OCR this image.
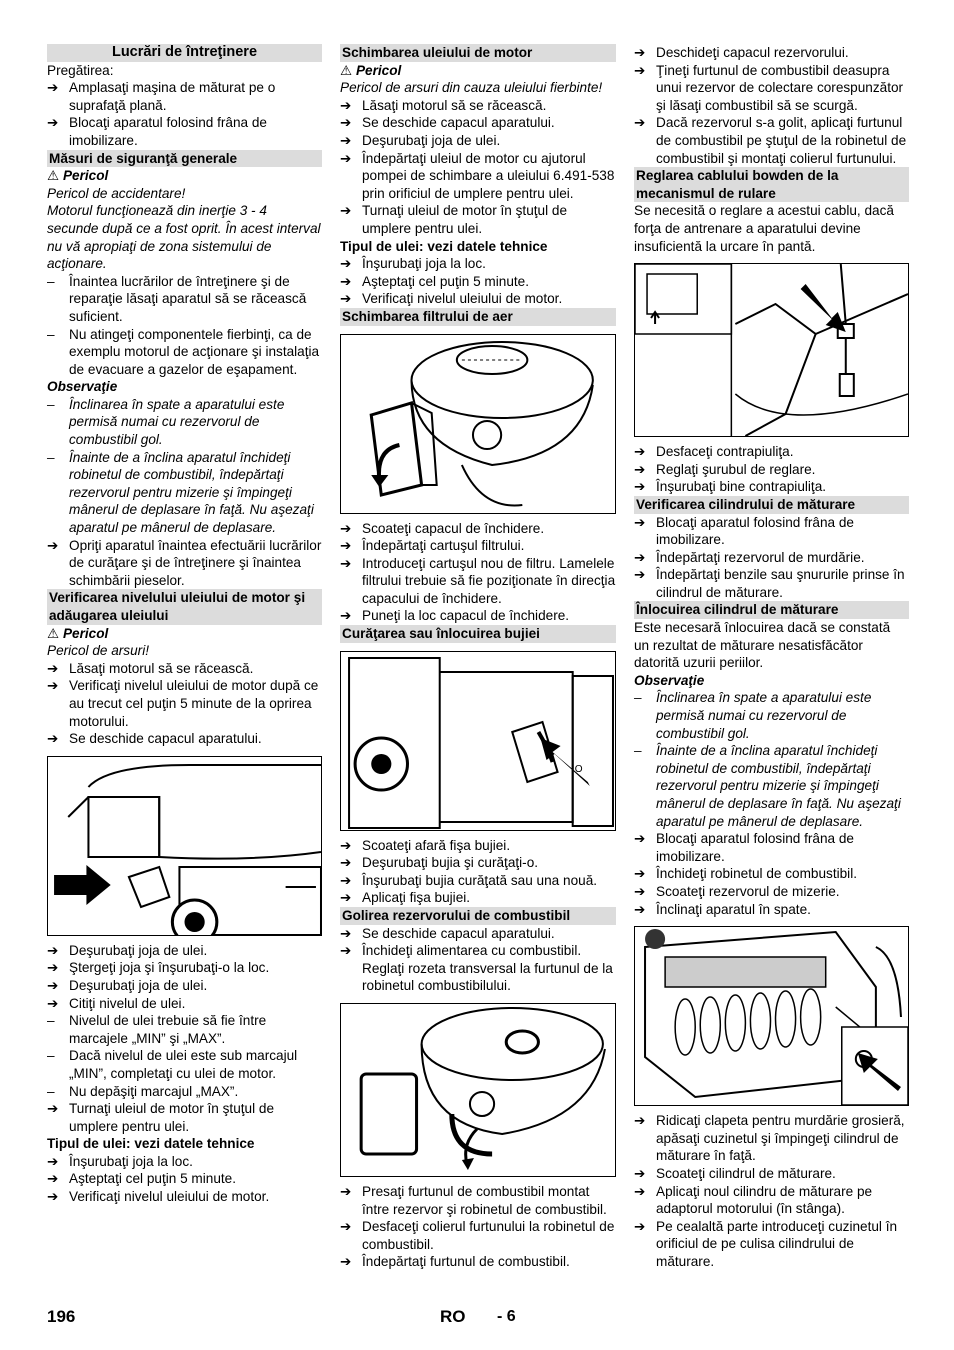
Lucrări de întreţinere

Pregătirea:

➔ Amplasaţi maşina de măturat pe o suprafaţă plană.
➔ Blocaţi aparatul folosind frâna de imobilizare.
Măsuri de siguranţă generale

⚠ Pericol

Pericol de accidentare!

Motorul funcţionează din inerţie 3 - 4 secunde după ce a fost oprit. În acest interval nu vă apropiaţi de zona sistemului de acţionare.

–	Înaintea lucrărilor de întreţinere şi de reparaţie lăsaţi aparatul să se răcească suficient.
–	Nu atingeţi componentele fierbinţi, ca de exemplu motorul de acţionare şi instalaţia de evacuare a gazelor de eşapament.

Observaţie

–	Înclinarea în spate a aparatului este permisă numai cu rezervorul de combustibil gol.
–	Înainte de a înclina aparatul închideţi robinetul de combustibil, îndepărtaţi rezervorul pentru mizerie şi împingeţi mânerul de deplasare în faţă. Nu aşezaţi aparatul pe mânerul de deplasare.
➔ Opriţi aparatul înaintea efectuării lucrărilor de curăţare şi de întreţinere şi înaintea schimbării pieselor.
Verificarea nivelului uleiului de motor şi adăugarea uleiului

⚠ Pericol

Pericol de arsuri!

➔ Lăsaţi motorul să se răcească.
➔ Verificaţi nivelul uleiului de motor după ce au trecut cel puţin 5 minute de la oprirea motorului.
➔ Se deschide capacul aparatului.
➔ Deşurubaţi joja de ulei.
➔ Ştergeţi joja şi înşurubaţi-o la loc.
➔ Deşurubaţi joja de ulei.
➔ Citiţi nivelul de ulei.
–	Nivelul de ulei trebuie să fie între marcajele „MIN” şi „MAX”.
–	Dacă nivelul de ulei este sub marcajul „MIN”, completaţi cu ulei de motor.
–	Nu depăşiţi marcajul „MAX”.
➔ Turnaţi uleiul de motor în ştuţul de umplere pentru ulei.

Tipul de ulei: vezi datele tehnice

➔ Înşurubaţi joja la loc.
➔ Aşteptaţi cel puţin 5 minute.
➔ Verificaţi nivelul uleiului de motor.
Schimbarea uleiului de motor

⚠ Pericol

Pericol de arsuri din cauza uleiului fierbinte!

➔ Lăsaţi motorul să se răcească.
➔ Se deschide capacul aparatului.
➔ Deşurubaţi joja de ulei.
➔ Îndepărtaţi uleiul de motor cu ajutorul pompei de schimbare a uleiului 6.491-538 prin orificiul de umplere pentru ulei.
➔ Turnaţi uleiul de motor în ştuţul de umplere pentru ulei.

Tipul de ulei: vezi datele tehnice

➔ Înşurubaţi joja la loc.
➔ Aşteptaţi cel puţin 5 minute.
➔ Verificaţi nivelul uleiului de motor.
Schimbarea filtrului de aer
➔ Scoateţi capacul de închidere.
➔ Îndepărtaţi cartuşul filtrului.
➔ Introduceţi cartuşul nou de filtru. Lamelele filtrului trebuie să fie poziţionate în direcţia capacului de închidere.
➔ Puneţi la loc capacul de închidere.
Curăţarea sau înlocuirea bujiei
O
➔ Scoateţi afară fişa bujiei.
➔ Deşurubaţi bujia şi curăţaţi-o.
➔ Înşurubaţi bujia curăţată sau una nouă.
➔ Aplicaţi fişa bujiei.
Golirea rezervorului de combustibil
➔ Se deschide capacul aparatului.
➔ Închideţi alimentarea cu combustibil. Reglaţi rozeta transversal la furtunul de la robinetul combustibilului.
➔ Presaţi furtunul de combustibil montat între rezervor şi robinetul de combustibil.
➔ Desfaceţi colierul furtunului la robinetul de combustibil.
➔ Îndepărtaţi furtunul de combustibil.
➔ Deschideţi capacul rezervorului.
➔ Ţineţi furtunul de combustibil deasupra unui rezervor de colectare corespunzător şi lăsaţi combustibil să se scurgă.
➔ Dacă rezervorul s-a golit, aplicaţi furtunul de combustibil pe ştuţul de la robinetul de combustibil şi montaţi colierul furtunului.
Reglarea cablului bowden de la mecanismul de rulare

Se necesită o reglare a acestui cablu, dacă forţa de antrenare a aparatului devine insuficientă la urcare în pantă.

➔ Desfaceţi contrapiuliţa.
➔ Reglaţi şurubul de reglare.
➔ Înşurubaţi bine contrapiuliţa.
Verificarea cilindrului de măturare
➔ Blocaţi aparatul folosind frâna de imobilizare.
➔ Îndepărtaţi rezervorul de murdărie.
➔ Îndepărtaţi benzile sau şnururile prinse în cilindrul de măturare.
Înlocuirea cilindrul de măturare

Este necesară înlocuirea dacă se constată un rezultat de măturare nesatisfăcător datorită uzurii periilor.

Observaţie

–	Înclinarea în spate a aparatului este permisă numai cu rezervorul de combustibil gol.
–	Înainte de a înclina aparatul închideţi robinetul de combustibil, îndepărtaţi rezervorul pentru mizerie şi împingeţi mânerul de deplasare în faţă. Nu aşezaţi aparatul pe mânerul de deplasare.
➔ Blocaţi aparatul folosind frâna de imobilizare.
➔ Închideţi robinetul de combustibil.
➔ Scoateţi rezervorul de mizerie.
➔ Înclinaţi aparatul în spate.
➔ Ridicaţi clapeta pentru murdărie grosieră, apăsaţi cuzinetul şi împingeţi cilindrul de măturare în faţă.
➔ Scoateţi cilindrul de măturare.
➔ Aplicaţi noul cilindru de măturare pe adaptorul motorului (în stânga).
➔ Pe cealaltă parte introduceţi cuzinetul în orificiul de pe culisa cilindrului de măturare.
196	RO - 6
